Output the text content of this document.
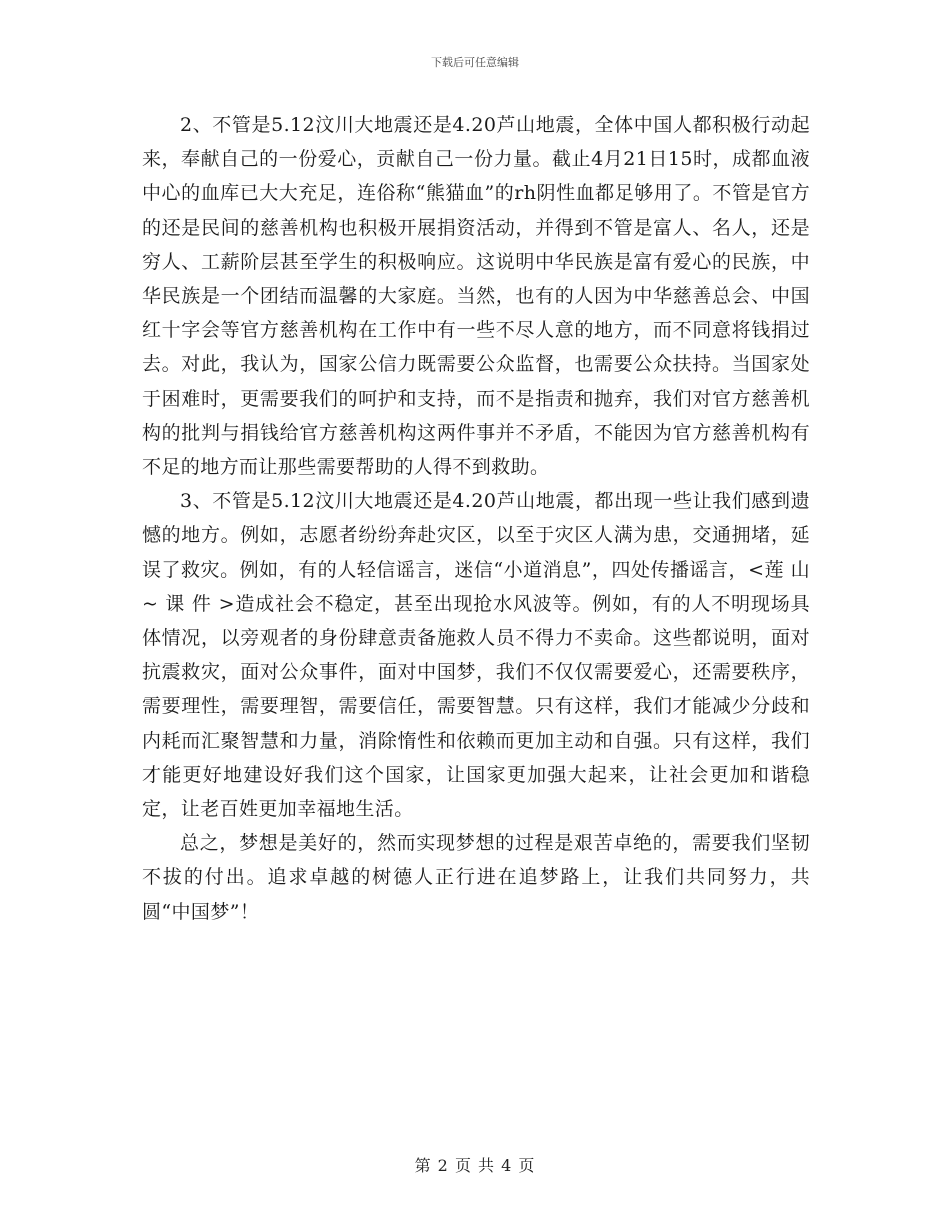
下载后可任意编辑

2、不管是5.12汶川大地震还是4.20芦山地震，全体中国人都积极行动起来，奉献自己的一份爱心，贡献自己一份力量。截止4月21日15时，成都血液中心的血库已大大充足，连俗称“熊猫血”的rh阴性血都足够用了。不管是官方的还是民间的慈善机构也积极开展捐资活动，并得到不管是富人、名人，还是穷人、工薪阶层甚至学生的积极响应。这说明中华民族是富有爱心的民族，中华民族是一个团结而温馨的大家庭。当然，也有的人因为中华慈善总会、中国红十字会等官方慈善机构在工作中有一些不尽人意的地方，而不同意将钱捐过去。对此，我认为，国家公信力既需要公众监督，也需要公众扶持。当国家处于困难时，更需要我们的呵护和支持，而不是指责和抛弃，我们对官方慈善机构的批判与捐钱给官方慈善机构这两件事并不矛盾，不能因为官方慈善机构有不足的地方而让那些需要帮助的人得不到救助。

3、不管是5.12汶川大地震还是4.20芦山地震，都出现一些让我们感到遗憾的地方。例如，志愿者纷纷奔赴灾区，以至于灾区人满为患，交通拥堵，延误了救灾。例如，有的人轻信谣言，迷信“小道消息”，四处传播谣言，<莲 山 ~ 课 件 >造成社会不稳定，甚至出现抢水风波等。例如，有的人不明现场具体情况，以旁观者的身份肆意责备施救人员不得力不卖命。这些都说明，面对抗震救灾，面对公众事件，面对中国梦，我们不仅仅需要爱心，还需要秩序，需要理性，需要理智，需要信任，需要智慧。只有这样，我们才能减少分歧和内耗而汇聚智慧和力量，消除惰性和依赖而更加主动和自强。只有这样，我们才能更好地建设好我们这个国家，让国家更加强大起来，让社会更加和谐稳定，让老百姓更加幸福地生活。

总之，梦想是美好的，然而实现梦想的过程是艰苦卓绝的，需要我们坚韧不拔的付出。追求卓越的树德人正行进在追梦路上，让我们共同努力，共圆“中国梦”！

第 2 页 共 4 页
